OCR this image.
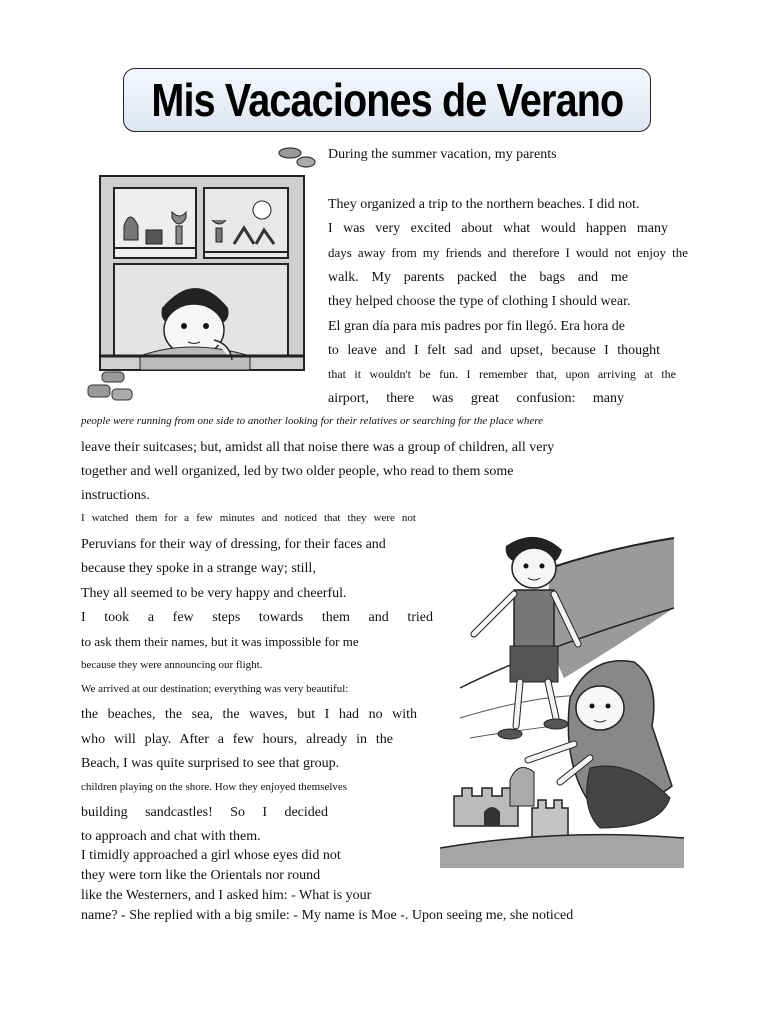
Mis Vacaciones de Verano
During the summer vacation, my parents
They organized a trip to the northern beaches. I did not.
I was very excited about what would happen many
days away from my friends and therefore I would not enjoy the
walk. My parents packed the bags and me
they helped choose the type of clothing I should wear.
El gran día para mis padres por fin llegó. Era hora de
to leave and I felt sad and upset, because I thought
that it wouldn't be fun. I remember that, upon arriving at the
airport, there was great confusion: many
people were running from one side to another looking for their relatives or searching for the place where
leave their suitcases; but, amidst all that noise there was a group of children, all very
together and well organized, led by two older people, who read to them some
instructions.
I watched them for a few minutes and noticed that they were not
Peruvians for their way of dressing, for their faces and
because they spoke in a strange way; still,
They all seemed to be very happy and cheerful.
I took a few steps towards them and tried
to ask them their names, but it was impossible for me
because they were announcing our flight.
We arrived at our destination; everything was very beautiful:
the beaches, the sea, the waves, but I had no with
who will play. After a few hours, already in the
Beach, I was quite surprised to see that group.
children playing on the shore. How they enjoyed themselves
building sandcastles! So I decided
to approach and chat with them.
I timidly approached a girl whose eyes did not
they were torn like the Orientals nor round
like the Westerners, and I asked him: - What is your
name? - She replied with a big smile: - My name is Moe -. Upon seeing me, she noticed
